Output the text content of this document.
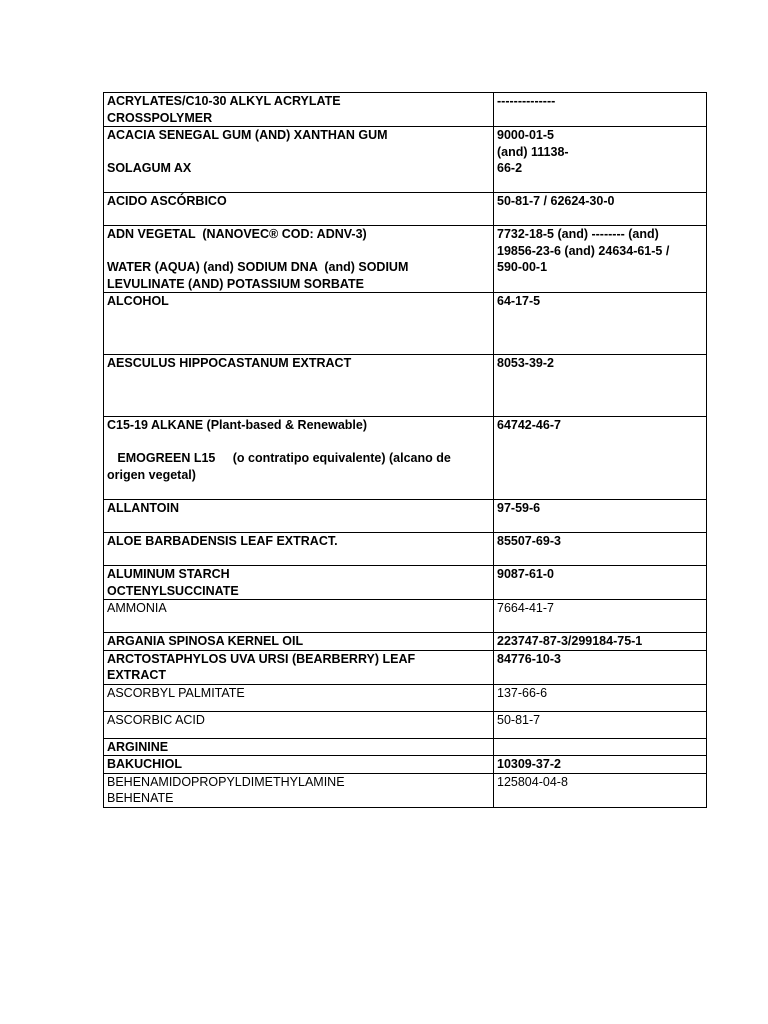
ACRYLATES/C10-30 ALKYL ACRYLATE
CROSSPOLYMER	--------------

ACACIA SENEGAL GUM (AND) XANTHAN GUM
SOLAGUM AX	9000-01-5
(and) 11138-
66-2

ACIDO ASCÓRBICO	50-81-7 / 62624-30-0

ADN VEGETAL  (NANOVEC® COD: ADNV-3)
WATER (AQUA) (and) SODIUM DNA  (and) SODIUM
LEVULINATE (AND) POTASSIUM SORBATE	7732-18-5 (and) -------- (and)
19856-23-6 (and) 24634-61-5 /
590-00-1

ALCOHOL	64-17-5

AESCULUS HIPPOCASTANUM EXTRACT	8053-39-2

C15-19 ALKANE (Plant-based & Renewable)
EMOGREEN L15     (o contratipo equivalente) (alcano de
origen vegetal)	64742-46-7

ALLANTOIN	97-59-6

ALOE BARBADENSIS LEAF EXTRACT.	85507-69-3

ALUMINUM STARCH
OCTENYLSUCCINATE	9087-61-0

AMMONIA	7664-41-7

ARGANIA SPINOSA KERNEL OIL	223747-87-3/299184-75-1

ARCTOSTAPHYLOS UVA URSI (BEARBERRY) LEAF
EXTRACT	84776-10-3

ASCORBYL PALMITATE	137-66-6

ASCORBIC ACID	50-81-7

ARGININE	

BAKUCHIOL	10309-37-2

BEHENAMIDOPROPYLDIMETHYLAMINE
BEHENATE	125804-04-8
